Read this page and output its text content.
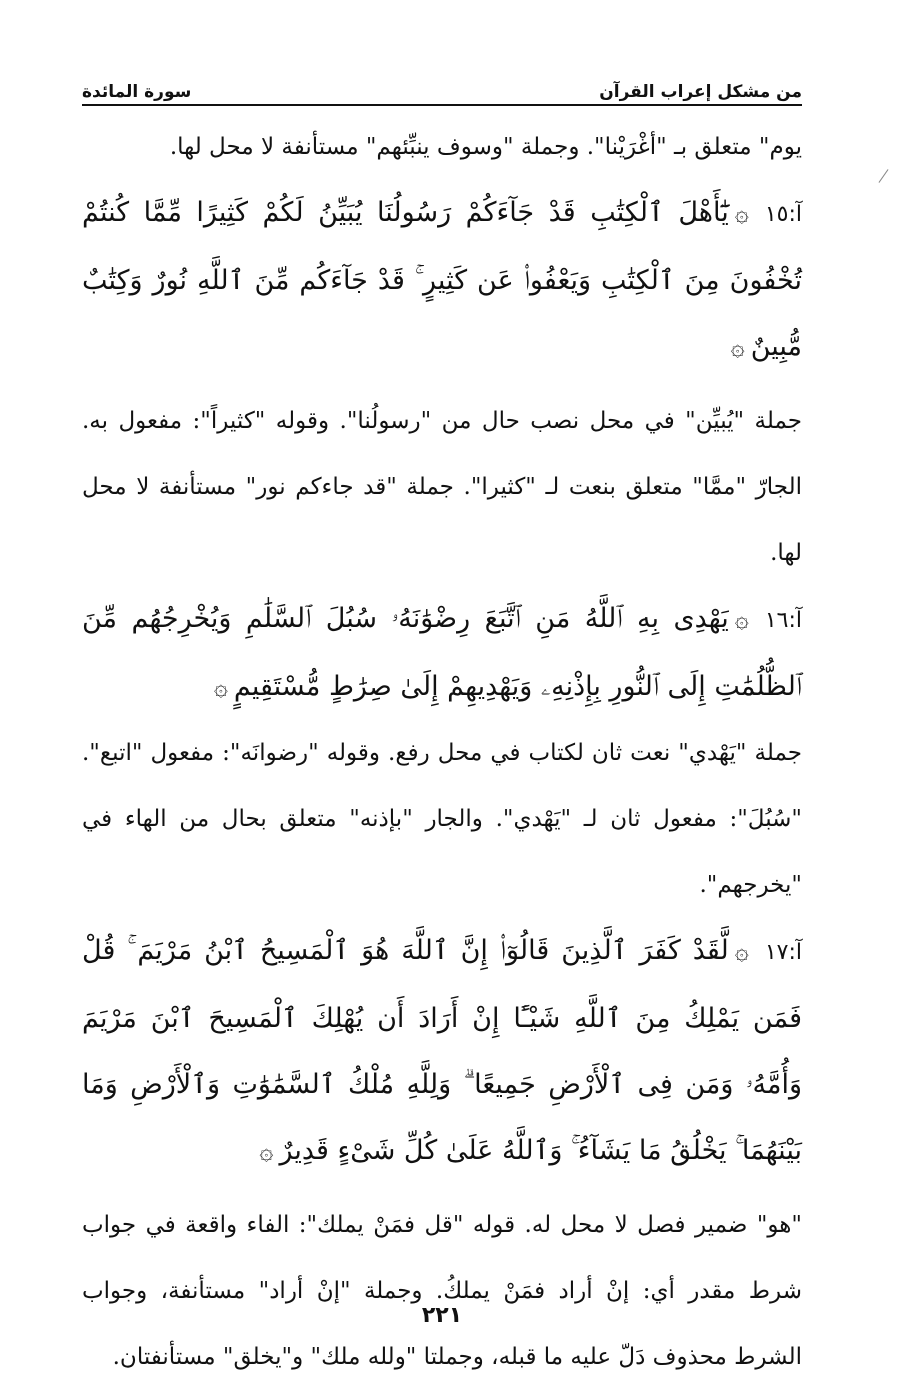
من مشكل إعراب القرآن
سورة المائدة

يوم" متعلق بـ "أغْرَيْنا". وجملة "وسوف ينبِّئهم" مستأنفة لا محل لها.

آ:١٥۞يَٰٓأَهْلَ ٱلْكِتَٰبِ قَدْ جَآءَكُمْ رَسُولُنَا يُبَيِّنُ لَكُمْ كَثِيرًا مِّمَّا كُنتُمْ تُخْفُونَ مِنَ ٱلْكِتَٰبِ وَيَعْفُوا۟ عَن كَثِيرٍ ۚ قَدْ جَآءَكُم مِّنَ ٱللَّهِ نُورٌ وَكِتَٰبٌ مُّبِينٌ۞

جملة "يُبيِّن" في محل نصب حال من "رسولُنا". وقوله "كثيراً": مفعول به. الجارّ "ممَّا" متعلق بنعت لـ "كثيرا". جملة "قد جاءكم نور" مستأنفة لا محل لها.

آ:١٦۞يَهْدِى بِهِ ٱللَّهُ مَنِ ٱتَّبَعَ رِضْوَٰنَهُۥ سُبُلَ ٱلسَّلَٰمِ وَيُخْرِجُهُم مِّنَ ٱلظُّلُمَٰتِ إِلَى ٱلنُّورِ بِإِذْنِهِۦ وَيَهْدِيهِمْ إِلَىٰ صِرَٰطٍ مُّسْتَقِيمٍ۞

جملة "يَهْدي" نعت ثان لكتاب في محل رفع. وقوله "رضوانَه": مفعول "اتبع". "سُبُلَ": مفعول ثان لـ "يَهْدي". والجار "بإذنه" متعلق بحال من الهاء في "يخرجهم".

آ:١٧۞لَّقَدْ كَفَرَ ٱلَّذِينَ قَالُوٓا۟ إِنَّ ٱللَّهَ هُوَ ٱلْمَسِيحُ ٱبْنُ مَرْيَمَ ۚ قُلْ فَمَن يَمْلِكُ مِنَ ٱللَّهِ شَيْـًٔا إِنْ أَرَادَ أَن يُهْلِكَ ٱلْمَسِيحَ ٱبْنَ مَرْيَمَ وَأُمَّهُۥ وَمَن فِى ٱلْأَرْضِ جَمِيعًا ۗ وَلِلَّهِ مُلْكُ ٱلسَّمَٰوَٰتِ وَٱلْأَرْضِ وَمَا بَيْنَهُمَا ۚ يَخْلُقُ مَا يَشَآءُ ۚ وَٱللَّهُ عَلَىٰ كُلِّ شَىْءٍ قَدِيرٌ۞

"هو" ضمير فصل لا محل له. قوله "قل فمَنْ يملك": الفاء واقعة في جواب شرط مقدر أي: إنْ أراد فمَنْ يملكُ. وجملة "إنْ أراد" مستأنفة، وجواب الشرط محذوف دَلّ عليه ما قبله، وجملتا "ولله ملك" و"يخلق" مستأنفتان.

٢٢١
